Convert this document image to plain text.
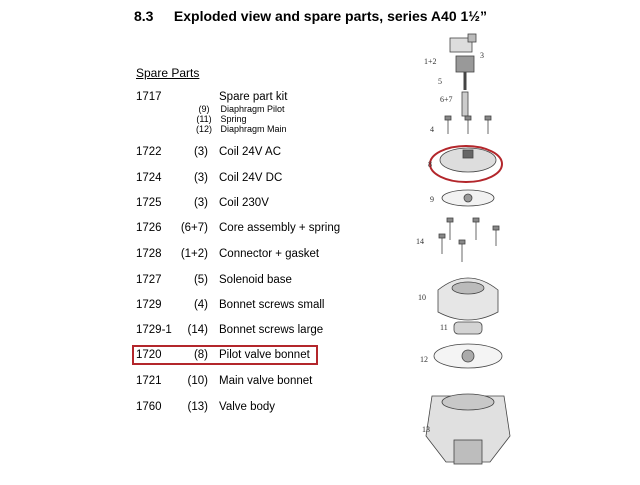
8.3 Exploded view and spare parts, series A40 1½”
Spare Parts
1717	Spare part kit
(9) Diaphragm Pilot
(11) Spring
(12) Diaphragm Main
1722	(3) Coil 24V AC
1724	(3) Coil 24V DC
1725	(3) Coil 230V
1726 (6+7) Core assembly + spring
1728 (1+2) Connector + gasket
1727	(5) Solenoid base
1729	(4) Bonnet screws small
1729-1	(14) Bonnet screws large
1720	(8) Pilot valve bonnet
1721	(10) Main valve bonnet
1760	(13) Valve body
1+2
3
5
6+7
4
8
9
14
10
11
12
13
